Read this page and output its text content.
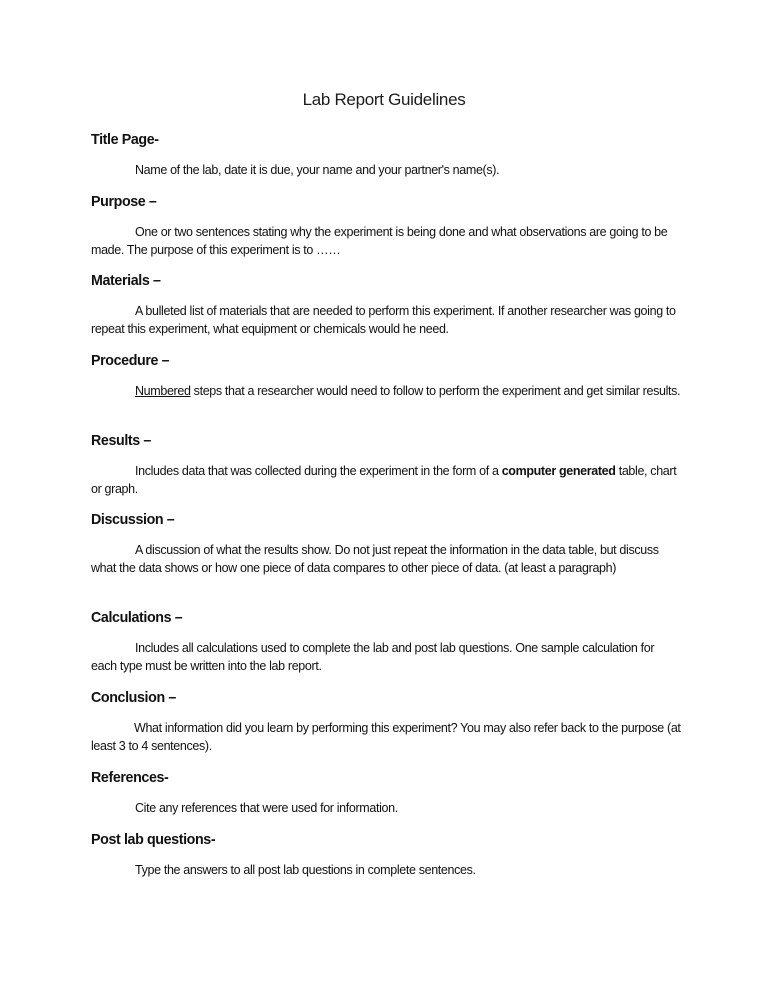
Lab Report Guidelines
Title Page-

Name of the lab, date it is due, your name and your partner's name(s).

Purpose –

One or two sentences stating why the experiment is being done and what observations are going to be made. The purpose of this experiment is to ……

Materials –

A bulleted list of materials that are needed to perform this experiment. If another researcher was going to repeat this experiment, what equipment or chemicals would he need.

Procedure –

Numbered steps that a researcher would need to follow to perform the experiment and get similar results.

Results –

Includes data that was collected during the experiment in the form of a computer generated table, chart or graph.

Discussion –

A discussion of what the results show. Do not just repeat the information in the data table, but discuss what the data shows or how one piece of data compares to other piece of data. (at least a paragraph)

Calculations –

Includes all calculations used to complete the lab and post lab questions. One sample calculation for each type must be written into the lab report.

Conclusion –

What information did you learn by performing this experiment? You may also refer back to the purpose (at least 3 to 4 sentences).

References-

Cite any references that were used for information.

Post lab questions-

Type the answers to all post lab questions in complete sentences.
